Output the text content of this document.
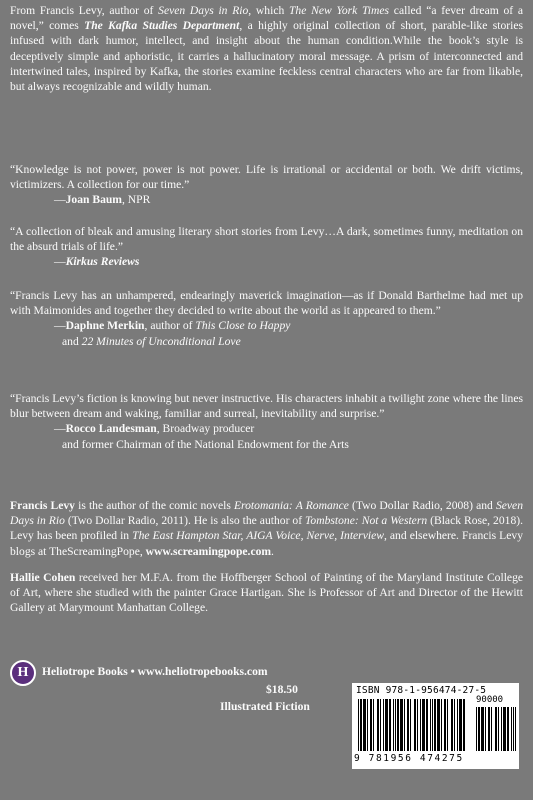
From Francis Levy, author of Seven Days in Rio, which The New York Times called “a fever dream of a novel,” comes The Kafka Studies Department, a highly original collection of short, parable-like stories infused with dark humor, intellect, and insight about the human condition.While the book’s style is deceptively simple and aphoristic, it carries a hallucinatory moral message. A prism of interconnected and intertwined tales, inspired by Kafka, the stories examine feckless central characters who are far from likable, but always recognizable and wildly human.
“Knowledge is not power, power is not power. Life is irrational or accidental or both. We drift victims, victimizers. A collection for our time.”
—Joan Baum, NPR
“A collection of bleak and amusing literary short stories from Levy…A dark, sometimes funny, meditation on the absurd trials of life.”
—Kirkus Reviews
“Francis Levy has an unhampered, endearingly maverick imagination—as if Donald Barthelme had met up with Maimonides and together they decided to write about the world as it appeared to them.”
—Daphne Merkin, author of This Close to Happy
and 22 Minutes of Unconditional Love
“Francis Levy’s fiction is knowing but never instructive. His characters inhabit a twilight zone where the lines blur between dream and waking, familiar and surreal, inevitability and surprise.”
—Rocco Landesman, Broadway producer
and former Chairman of the National Endowment for the Arts
Francis Levy is the author of the comic novels Erotomania: A Romance (Two Dollar Radio, 2008) and Seven Days in Rio (Two Dollar Radio, 2011). He is also the author of Tombstone: Not a Western (Black Rose, 2018). Levy has been profiled in The East Hampton Star, AIGA Voice, Nerve, Interview, and elsewhere. Francis Levy blogs at TheScreamingPope, www.screamingpope.com.
Hallie Cohen received her M.F.A. from the Hoffberger School of Painting of the Maryland Institute College of Art, where she studied with the painter Grace Hartigan. She is Professor of Art and Director of the Hewitt Gallery at Marymount Manhattan College.
H Heliotrope Books • www.heliotropebooks.com
$18.50
Illustrated Fiction
ISBN 978-1-956474-27-5
90000
9 781956 474275
